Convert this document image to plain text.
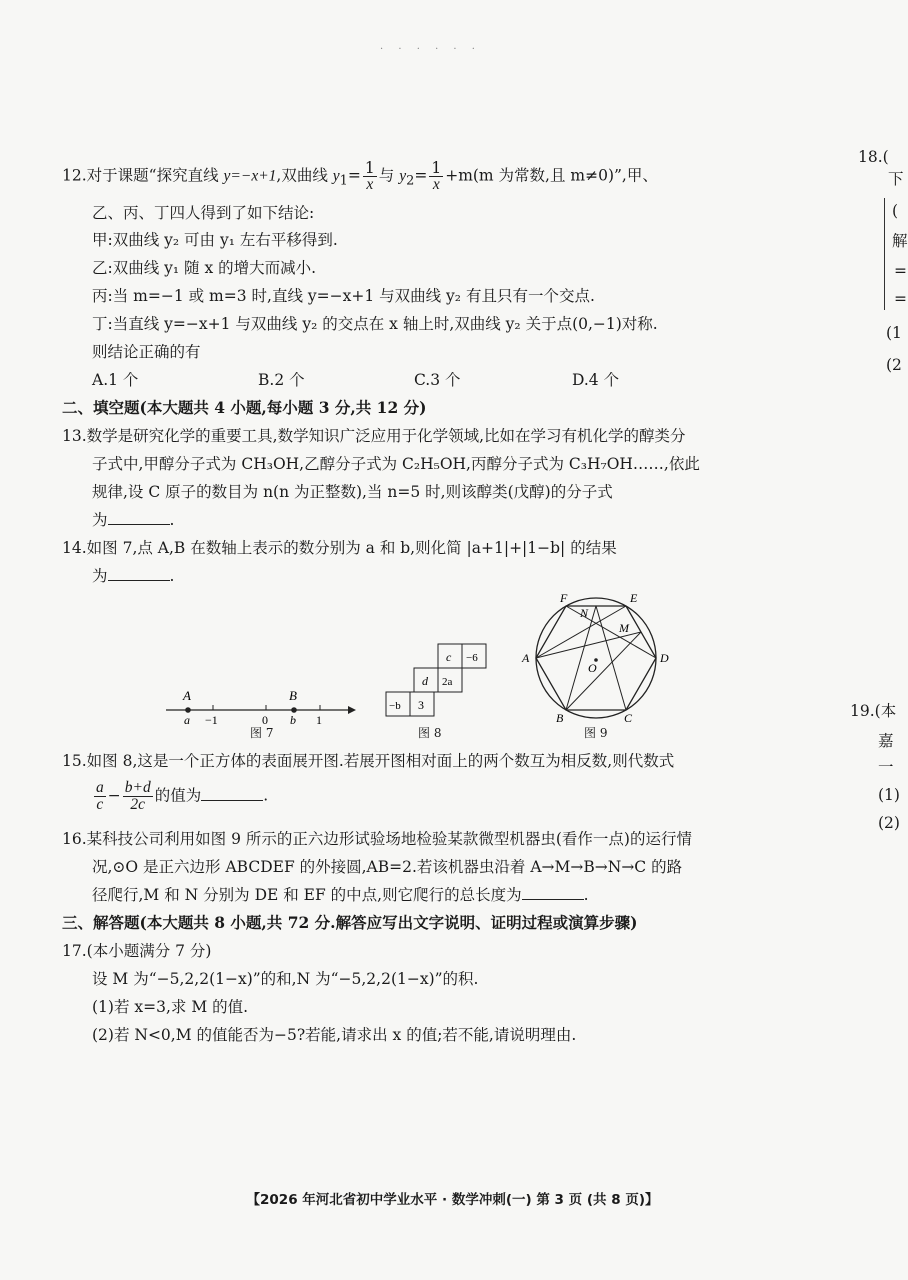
· · · · · ·
12.对于课题“探究直线 y=−x+1,双曲线 $y_1= \frac{1}{x}$ 与 $y_2= \frac{1}{x} +m(m$ 为常数,且 m≠0)”,甲、
乙、丙、丁四人得到了如下结论:
甲:双曲线 y₂ 可由 y₁ 左右平移得到.
乙:双曲线 y₁ 随 x 的增大而减小.
丙:当 m=−1 或 m=3 时,直线 y=−x+1 与双曲线 y₂ 有且只有一个交点.
丁:当直线 y=−x+1 与双曲线 y₂ 的交点在 x 轴上时,双曲线 y₂ 关于点(0,−1)对称.
则结论正确的有
A.1 个	B.2 个	C.3 个	D.4 个
二、填空题(本大题共 4 小题,每小题 3 分,共 12 分)
13.数学是研究化学的重要工具,数学知识广泛应用于化学领域,比如在学习有机化学的醇类分
子式中,甲醇分子式为 CH₃OH,乙醇分子式为 C₂H₅OH,丙醇分子式为 C₃H₇OH……,依此
规律,设 C 原子的数目为 n(n 为正整数),当 n=5 时,则该醇类(戊醇)的分子式
为	.
14.如图 7,点 A,B 在数轴上表示的数分别为 a 和 b,则化简 |a+1|+|1−b| 的结果
为	.
A	B
a −1	0 b 1
图 7
c −6
d 2a
−b 3
图 8
F
N
E
M
A
O
D
B	C
图 9
15.如图 8,这是一个正方体的表面展开图.若展开图相对面上的两个数互为相反数,则代数式
$\frac{a}{c} - \frac{b+d}{2c}$ 的值为	.
16.某科技公司利用如图 9 所示的正六边形试验场地检验某款微型机器虫(看作一点)的运行情
况,⊙O 是正六边形 ABCDEF 的外接圆,AB=2.若该机器虫沿着 A→M→B→N→C 的路
径爬行,M 和 N 分别为 DE 和 EF 的中点,则它爬行的总长度为	.
三、解答题(本大题共 8 小题,共 72 分.解答应写出文字说明、证明过程或演算步骤)
17.(本小题满分 7 分)
设 M 为“−5,2,2(1−x)”的和,N 为“−5,2,2(1−x)”的积.
(1)若 x=3,求 M 的值.
(2)若 N<0,M 的值能否为−5?若能,请求出 x 的值;若不能,请说明理由.
18.(
下
(
解
=
=
(1
(2
19.(本
嘉
一
(1)
(2)
【2026 年河北省初中学业水平 · 数学冲刺(一) 第 3 页 (共 8 页)】
